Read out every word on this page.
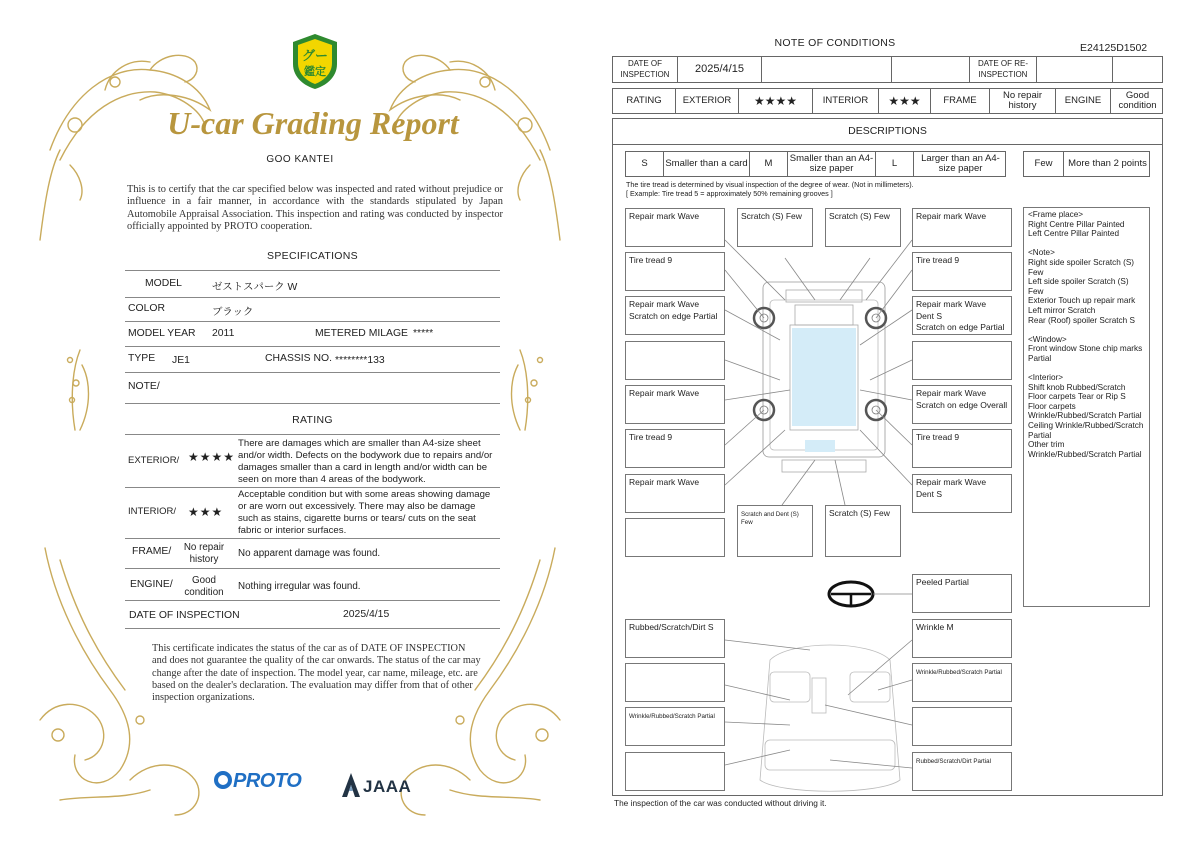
グー
鑑定
U-car Grading Report
GOO KANTEI
This is to certify that the car specified below was inspected and rated without prejudice or influence in a fair manner, in accordance with the standards stipulated by Japan Automobile Appraisal Association. This inspection and rating was conducted by inspector officially appointed by PROTO cooperation.
SPECIFICATIONS
MODEL	ゼストスパーク W
COLOR	ブラック
MODEL YEAR 2011	METERED MILAGE *****
TYPE JE1	CHASSIS NO. ********133
NOTE/
RATING
EXTERIOR/ ★★★★
There are damages which are smaller than A4-size sheet and/or width. Defects on the bodywork due to repairs and/or damages smaller than a card in length and/or width can be seen on more than 4 areas of the bodywork.
INTERIOR/ ★★★
Acceptable condition but with some areas showing damage or are worn out excessively. There may also be damage such as stains, cigarette burns or tears/ cuts on the seat fabric or interior surfaces.
FRAME/	No repair history
No apparent damage was found.
ENGINE/	Good condition
Nothing irregular was found.
DATE OF INSPECTION	2025/4/15
This certificate indicates the status of the car as of DATE OF INSPECTION and does not guarantee the quality of the car onwards. The status of the car may change after the date of inspection. The model year, car name, mileage, etc. are based on the dealer's declaration. The evaluation may differ from that of other inspection organizations.
PROTO	JAAA
NOTE OF CONDITIONS	E24125D1502
DATE OF INSPECTION	2025/4/15	DATE OF RE-INSPECTION
RATING	EXTERIOR	★★★★	INTERIOR	★★★	FRAME	No repair history	ENGINE	Good condition
DESCRIPTIONS
S	Smaller than a card	M	Smaller than an A4-size paper	L	Larger than an A4-size paper	Few	More than 2 points
The tire tread is determined by visual inspection of the degree of wear. (Not in millimeters).
[ Example: Tire tread 5 = approximately 50% remaining grooves ]
Repair mark Wave	Scratch (S) Few	Scratch (S) Few	Repair mark Wave
Tire tread 9	Tire tread 9
Repair mark Wave
Scratch on edge Partial
Repair mark Wave
Dent S
Scratch on edge Partial
Repair mark Wave	Repair mark Wave
Scratch on edge Overall
Tire tread 9	Tire tread 9
Repair mark Wave	Repair mark Wave
Dent S
Scratch and Dent (S) Few
Scratch (S) Few
Peeled Partial
Rubbed/Scratch/Dirt S	Wrinkle M
Wrinkle/Rubbed/Scratch Partial
Wrinkle/Rubbed/Scratch Partial
Rubbed/Scratch/Dirt Partial
<Frame place>
Right Centre Pillar Painted
Left Centre Pillar Painted
<Note>
Right side spoiler Scratch (S) Few
Left side spoiler Scratch (S) Few
Exterior Touch up repair mark
Left mirror Scratch
Rear (Roof) spoiler Scratch S
<Window>
Front window Stone chip marks Partial
<Interior>
Shift knob Rubbed/Scratch
Floor carpets Tear or Rip S
Floor carpets Wrinkle/Rubbed/Scratch Partial
Ceiling Wrinkle/Rubbed/Scratch Partial
Other trim Wrinkle/Rubbed/Scratch Partial
The inspection of the car was conducted without driving it.
